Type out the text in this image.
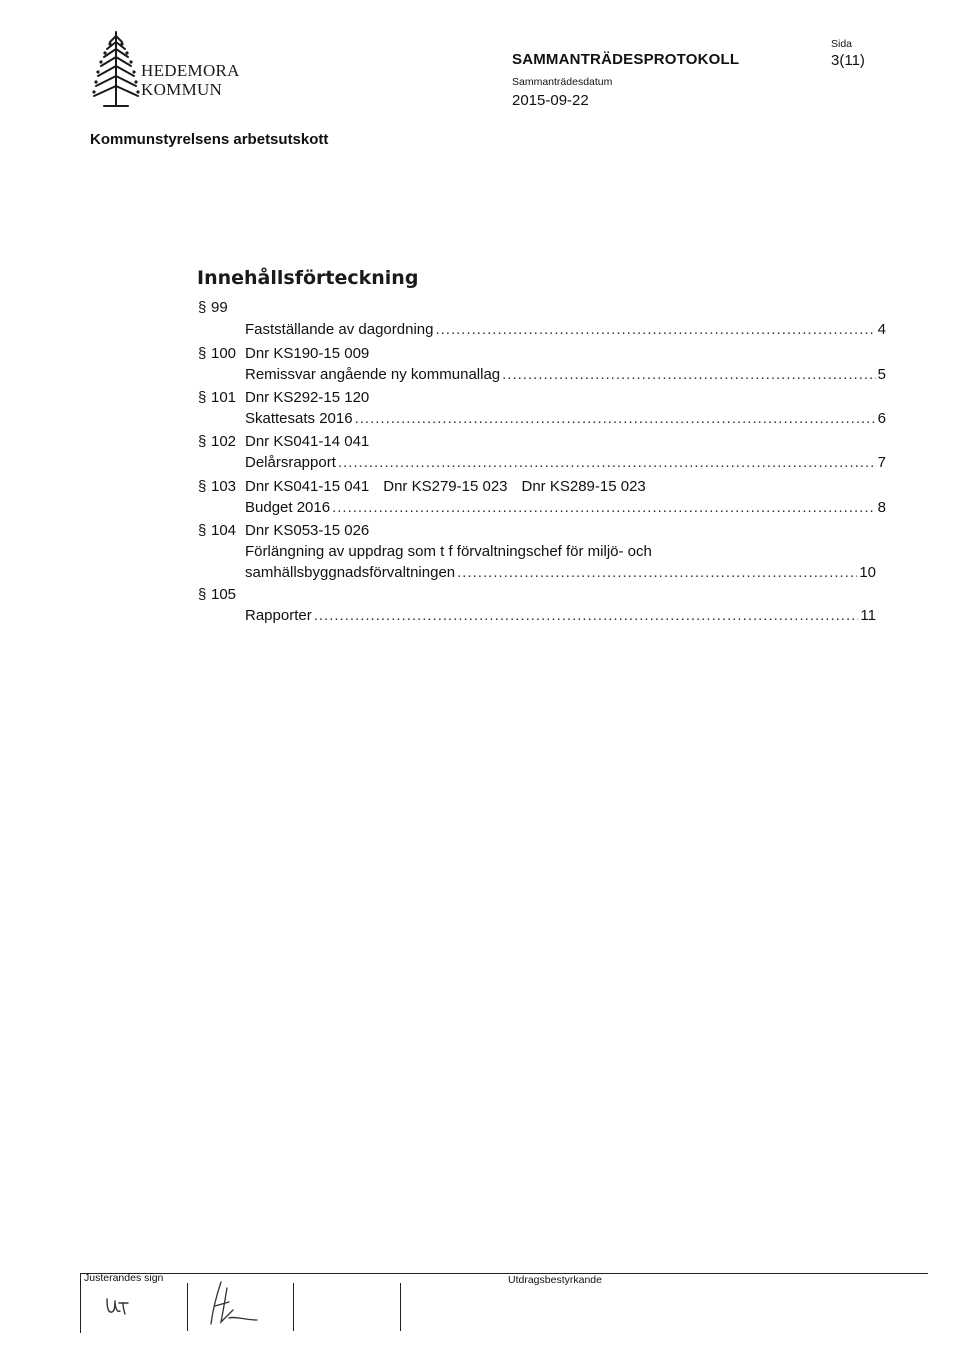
HEDEMORA
KOMMUN
SAMMANTRÄDESPROTOKOLL
Sammanträdesdatum
2015-09-22
Sida
3(11)
Kommunstyrelsens arbetsutskott
Innehållsförteckning
§ 99
Fastställande av dagordning .....	4
§ 100 Dnr KS190-15 009
Remissvar angående ny kommunallag .....	5
§ 101 Dnr KS292-15 120
Skattesats 2016 .....	6
§ 102 Dnr KS041-14 041
Delårsrapport .....	7
§ 103 Dnr KS041-15 041 Dnr KS279-15 023 Dnr KS289-15 023
Budget 2016 .....	8
§ 104 Dnr KS053-15 026
Förlängning av uppdrag som t f förvaltningschef för miljö- och
samhällsbyggnadsförvaltningen .....	10
§ 105
Rapporter .....	11
Justerandes sign	Utdragsbestyrkande
